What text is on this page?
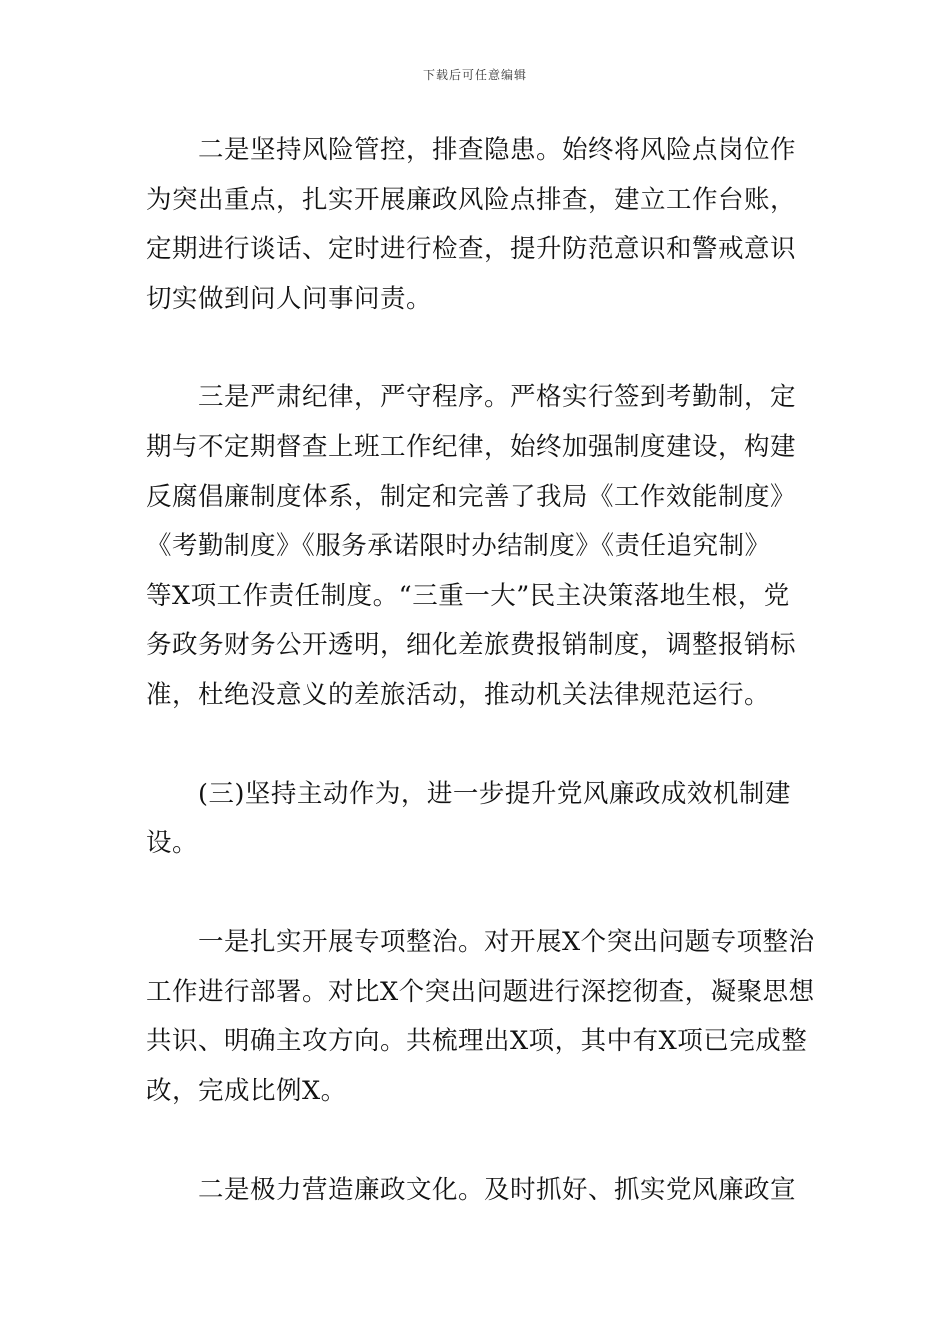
下载后可任意编辑
二是坚持风险管控，排查隐患。始终将风险点岗位作
为突出重点，扎实开展廉政风险点排查，建立工作台账，
定期进行谈话、定时进行检查，提升防范意识和警戒意识
切实做到问人问事问责。
三是严肃纪律，严守程序。严格实行签到考勤制，定
期与不定期督查上班工作纪律，始终加强制度建设，构建
反腐倡廉制度体系，制定和完善了我局《工作效能制度》
《考勤制度》《服务承诺限时办结制度》《责任追究制》
等X项工作责任制度。“三重一大”民主决策落地生根，党
务政务财务公开透明，细化差旅费报销制度，调整报销标
准，杜绝没意义的差旅活动，推动机关法律规范运行。
(三)坚持主动作为，进一步提升党风廉政成效机制建
设。
一是扎实开展专项整治。对开展X个突出问题专项整治
工作进行部署。对比X个突出问题进行深挖彻查，凝聚思想
共识、明确主攻方向。共梳理出X项，其中有X项已完成整
改，完成比例X。
二是极力营造廉政文化。及时抓好、抓实党风廉政宣
